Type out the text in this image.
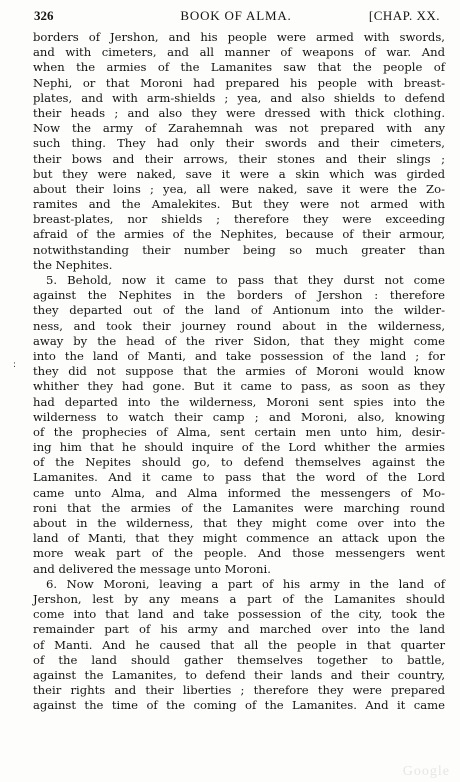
326	BOOK OF ALMA.	[CHAP. XX.
:
borders of Jershon, and his people were armed with swords,
and with cimeters, and all manner of weapons of war. And
when the armies of the Lamanites saw that the people of
Nephi, or that Moroni had prepared his people with breast-
plates, and with arm-shields ; yea, and also shields to defend
their heads ; and also they were dressed with thick clothing.
Now the army of Zarahemnah was not prepared with any
such thing. They had only their swords and their cimeters,
their bows and their arrows, their stones and their slings ;
but they were naked, save it were a skin which was girded
about their loins ; yea, all were naked, save it were the Zo-
ramites and the Amalekites. But they were not armed with
breast-plates, nor shields ; therefore they were exceeding
afraid of the armies of the Nephites, because of their armour,
notwithstanding their number being so much greater than
the Nephites.
5. Behold, now it came to pass that they durst not come
against the Nephites in the borders of Jershon : therefore
they departed out of the land of Antionum into the wilder-
ness, and took their journey round about in the wilderness,
away by the head of the river Sidon, that they might come
into the land of Manti, and take possession of the land ; for
they did not suppose that the armies of Moroni would know
whither they had gone. But it came to pass, as soon as they
had departed into the wilderness, Moroni sent spies into the
wilderness to watch their camp ; and Moroni, also, knowing
of the prophecies of Alma, sent certain men unto him, desir-
ing him that he should inquire of the Lord whither the armies
of the Nepites should go, to defend themselves against the
Lamanites. And it came to pass that the word of the Lord
came unto Alma, and Alma informed the messengers of Mo-
roni that the armies of the Lamanites were marching round
about in the wilderness, that they might come over into the
land of Manti, that they might commence an attack upon the
more weak part of the people. And those messengers went
and delivered the message unto Moroni.
6. Now Moroni, leaving a part of his army in the land of
Jershon, lest by any means a part of the Lamanites should
come into that land and take possession of the city, took the
remainder part of his army and marched over into the land
of Manti. And he caused that all the people in that quarter
of the land should gather themselves together to battle,
against the Lamanites, to defend their lands and their country,
their rights and their liberties ; therefore they were prepared
against the time of the coming of the Lamanites. And it came
Google
